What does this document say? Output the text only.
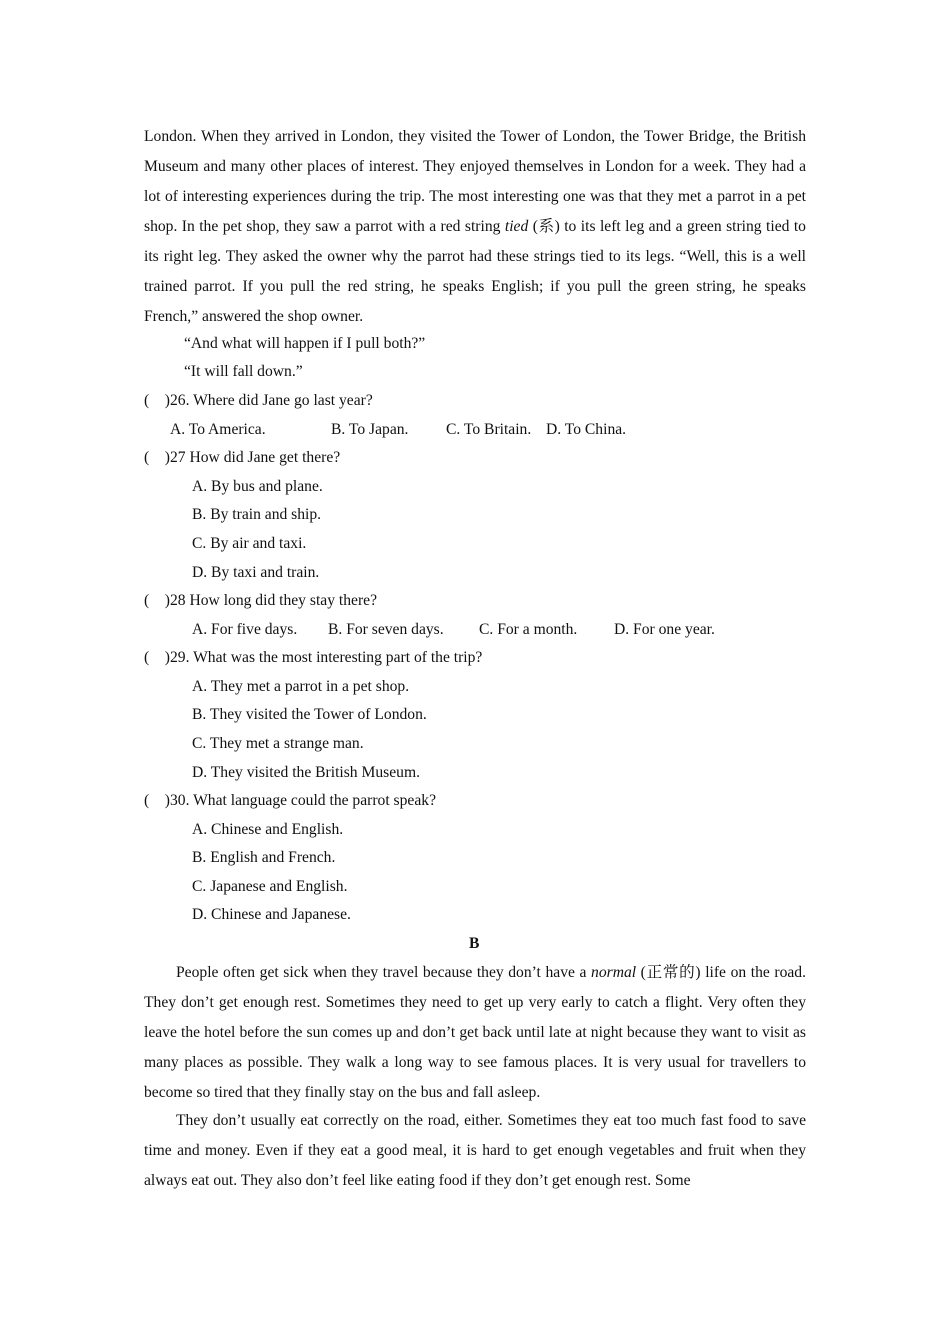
London. When they arrived in London, they visited the Tower of London, the Tower Bridge, the British Museum and many other places of interest. They enjoyed themselves in London for a week. They had a lot of interesting experiences during the trip. The most interesting one was that they met a parrot in a pet shop. In the pet shop, they saw a parrot with a red string tied (系) to its left leg and a green string tied to its right leg. They asked the owner why the parrot had these strings tied to its legs. “Well, this is a well trained parrot. If you pull the red string, he speaks English; if you pull the green string, he speaks French,” answered the shop owner.

“And what will happen if I pull both?”
“It will fall down.”
(    )26. Where did Jane go last year?
A. To America.	B. To Japan. C. To Britain. D. To China.
(    )27 How did Jane get there?
A. By bus and plane.
B. By train and ship.
C. By air and taxi.
D. By taxi and train.
(    )28 How long did they stay there?
A. For five days. B. For seven days. C. For a month. D. For one year.
(    )29. What was the most interesting part of the trip?
A. They met a parrot in a pet shop.
B. They visited the Tower of London.
C. They met a strange man.
D. They visited the British Museum.
(    )30. What language could the parrot speak?
A. Chinese and English.
B. English and French.
C. Japanese and English.
D. Chinese and Japanese.
B

People often get sick when they travel because they don’t have a normal (正常的) life on the road. They don’t get enough rest. Sometimes they need to get up very early to catch a flight. Very often they leave the hotel before the sun comes up and don’t get back until late at night because they want to visit as many places as possible. They walk a long way to see famous places. It is very usual for travellers to become so tired that they finally stay on the bus and fall asleep.

They don’t usually eat correctly on the road, either. Sometimes they eat too much fast food to save time and money. Even if they eat a good meal, it is hard to get enough vegetables and fruit when they always eat out. They also don’t feel like eating food if they don’t get enough rest. Some
